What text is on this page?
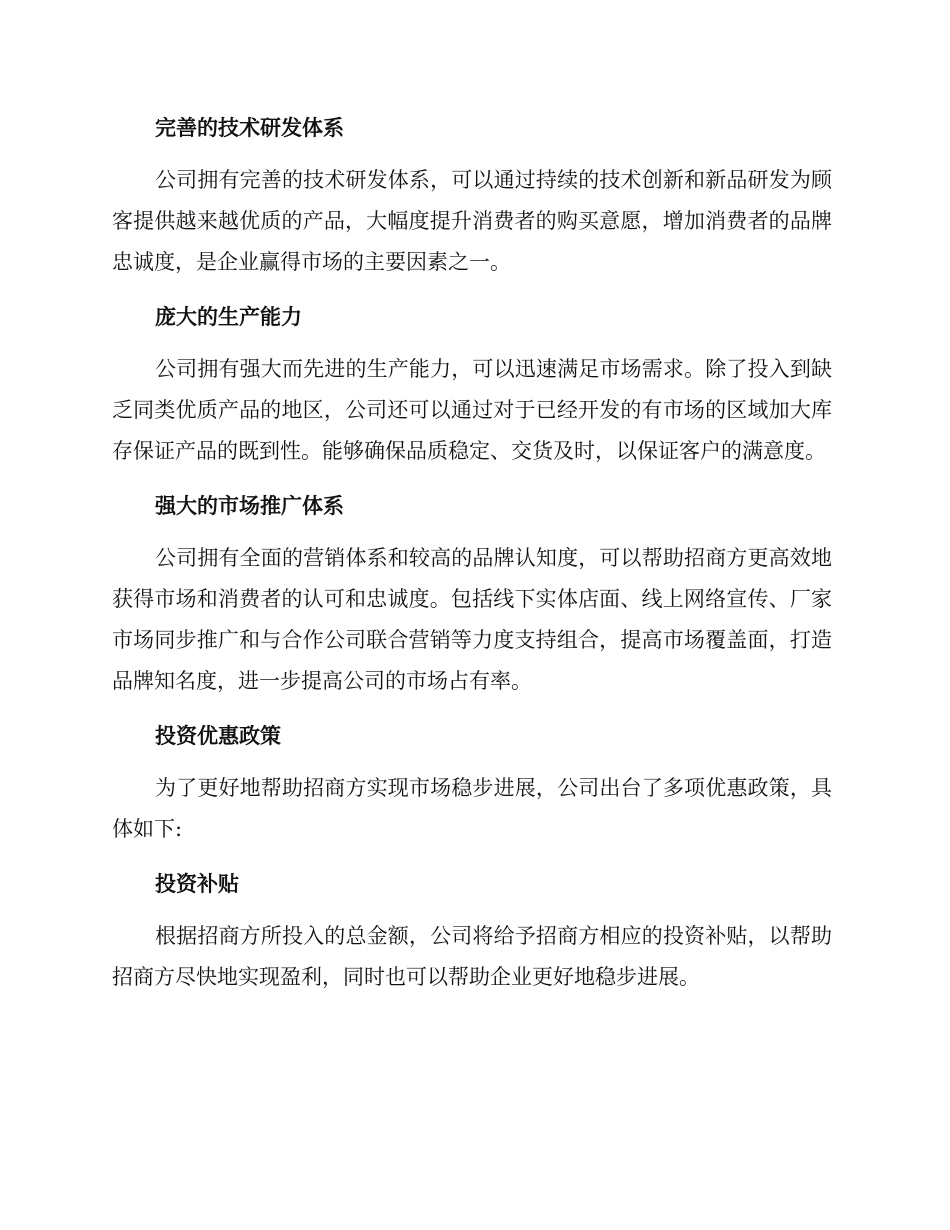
完善的技术研发体系

公司拥有完善的技术研发体系，可以通过持续的技术创新和新品研发为顾客提供越来越优质的产品，大幅度提升消费者的购买意愿，增加消费者的品牌忠诚度，是企业赢得市场的主要因素之一。

庞大的生产能力

公司拥有强大而先进的生产能力，可以迅速满足市场需求。除了投入到缺乏同类优质产品的地区，公司还可以通过对于已经开发的有市场的区域加大库存保证产品的既到性。能够确保品质稳定、交货及时，以保证客户的满意度。

强大的市场推广体系

公司拥有全面的营销体系和较高的品牌认知度，可以帮助招商方更高效地获得市场和消费者的认可和忠诚度。包括线下实体店面、线上网络宣传、厂家市场同步推广和与合作公司联合营销等力度支持组合，提高市场覆盖面，打造品牌知名度，进一步提高公司的市场占有率。

投资优惠政策

为了更好地帮助招商方实现市场稳步进展，公司出台了多项优惠政策，具体如下:

投资补贴

根据招商方所投入的总金额，公司将给予招商方相应的投资补贴，以帮助招商方尽快地实现盈利，同时也可以帮助企业更好地稳步进展。
